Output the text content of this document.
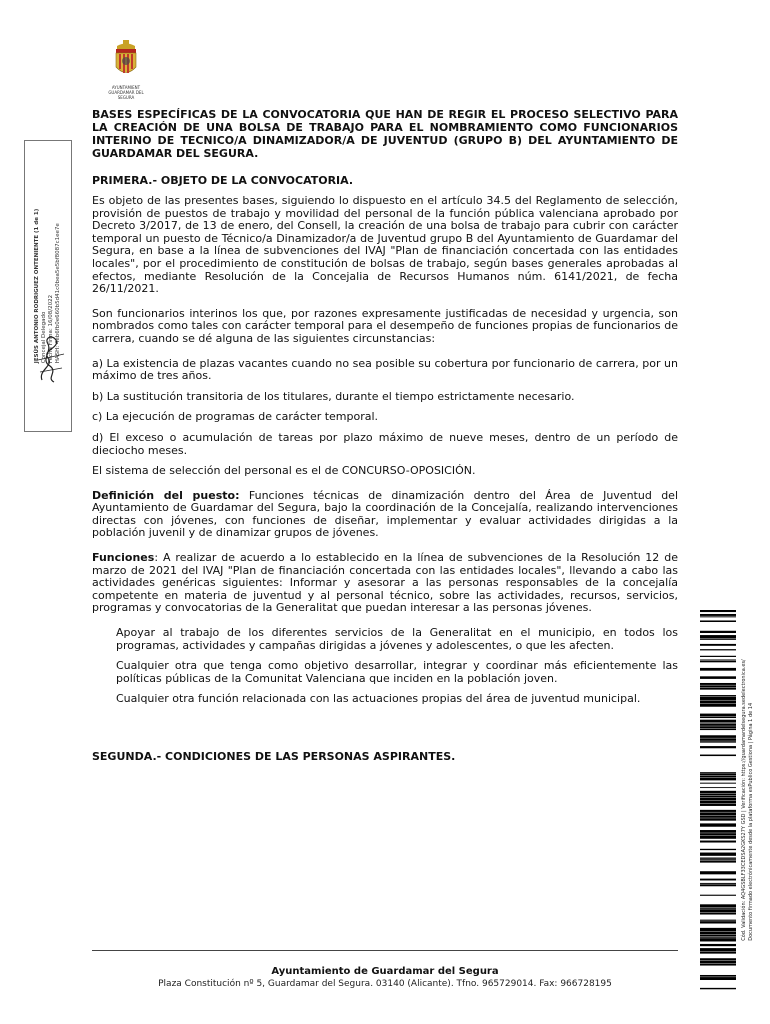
AYUNTAMIENT
GUARDAMAR DEL SEGURA
JESÚS ANTONIO RODRIGUEZ ONTENIENTE (1 de 1) Concejal Delegado Fecha Firma: 16/08/2022 HASH: 4eb6fb0e660b5d41c0bea5e5bf8087c1ee7e
BASES ESPECÍFICAS DE LA CONVOCATORIA QUE HAN DE REGIR EL PROCESO SELECTIVO PARA LA CREACIÓN DE UNA BOLSA DE TRABAJO PARA EL NOMBRAMIENTO COMO FUNCIONARIOS INTERINO DE TECNICO/A DINAMIZADOR/A DE JUVENTUD (GRUPO B) DEL AYUNTAMIENTO DE GUARDAMAR DEL SEGURA.
PRIMERA.- OBJETO DE LA CONVOCATORIA.

Es objeto de las presentes bases, siguiendo lo dispuesto en el artículo 34.5 del Reglamento de selección, provisión de puestos de trabajo y movilidad del personal de la función pública valenciana aprobado por Decreto 3/2017, de 13 de enero, del Consell, la creación de una bolsa de trabajo para cubrir con carácter temporal un puesto de Técnico/a Dinamizador/a de Juventud grupo B del Ayuntamiento de Guardamar del Segura, en base a la línea de subvenciones del IVAJ "Plan de financiación concertada con las entidades locales", por el procedimiento de constitución de bolsas de trabajo, según bases generales aprobadas al efectos, mediante Resolución de la Concejalia de Recursos Humanos núm. 6141/2021, de fecha 26/11/2021.

Son funcionarios interinos los que, por razones expresamente justificadas de necesidad y urgencia, son nombrados como tales con carácter temporal para el desempeño de funciones propias de funcionarios de carrera, cuando se dé alguna de las siguientes circunstancias:

a) La existencia de plazas vacantes cuando no sea posible su cobertura por funcionario de carrera, por un máximo de tres años.
b) La sustitución transitoria de los titulares, durante el tiempo estrictamente necesario.
c) La ejecución de programas de carácter temporal.
d) El exceso o acumulación de tareas por plazo máximo de nueve meses, dentro de un período de dieciocho meses.

El sistema de selección del personal es el de CONCURSO-OPOSICIÓN.

Definición del puesto: Funciones técnicas de dinamización dentro del Área de Juventud del Ayuntamiento de Guardamar del Segura, bajo la coordinación de la Concejalía, realizando intervenciones directas con jóvenes, con funciones de diseñar, implementar y evaluar actividades dirigidas a la población juvenil y de dinamizar grupos de jóvenes.

Funciones: A realizar de acuerdo a lo establecido en la línea de subvenciones de la Resolución 12 de marzo de 2021 del IVAJ "Plan de financiación concertada con las entidades locales", llevando a cabo las actividades genéricas siguientes: Informar y asesorar a las personas responsables de la concejalía competente en materia de juventud y al personal técnico, sobre las actividades, recursos, servicios, programas y convocatorias de la Generalitat que puedan interesar a las personas jóvenes.

Apoyar al trabajo de los diferentes servicios de la Generalitat en el municipio, en todos los programas, actividades y campañas dirigidas a jóvenes y adolescentes, o que les afecten.
Cualquier otra que tenga como objetivo desarrollar, integrar y coordinar más eficientemente las políticas públicas de la Comunitat Valenciana que inciden en la población joven.
Cualquier otra función relacionada con las actuaciones propias del área de juventud municipal.
SEGUNDA.- CONDICIONES DE LAS PERSONAS ASPIRANTES.
Ayuntamiento de Guardamar del Segura
Plaza Constitución nº 5, Guardamar del Segura. 03140 (Alicante). Tfno. 965729014. Fax: 966728195
Cód. Validación: AQ4GSBLF33CEDSA2GKS27Y GSD | Verificación: https://guardamardelsegura.sedelectronica.es/ Documento firmado electrónicamente desde la plataforma esPublico Gestiona | Página 1 de 14
